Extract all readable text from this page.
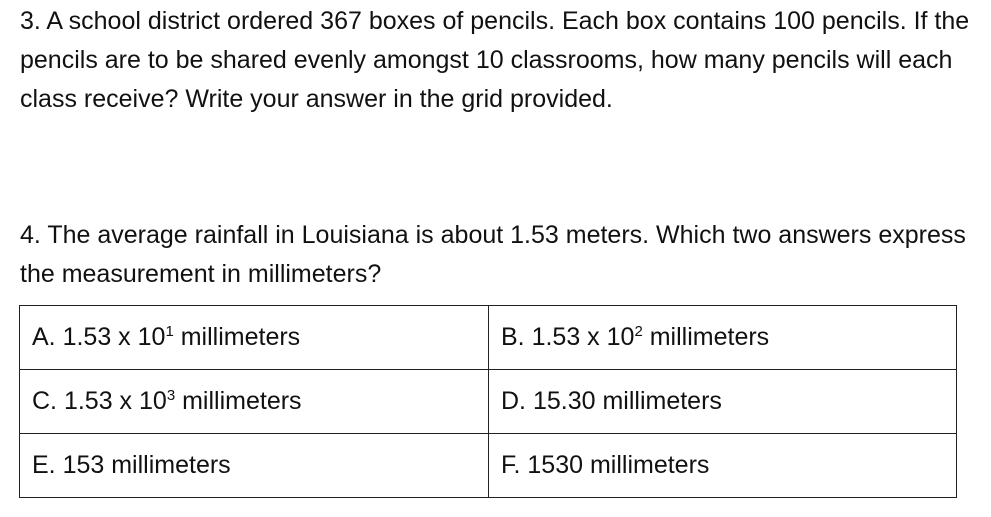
3. A school district ordered 367 boxes of pencils. Each box contains 100 pencils. If the pencils are to be shared evenly amongst 10 classrooms, how many pencils will each class receive? Write your answer in the grid provided.

4. The average rainfall in Louisiana is about 1.53 meters. Which two answers express the measurement in millimeters?

A. 1.53 x $10^1$ millimeters	B. 1.53 x $10^2$ millimeters
C. 1.53 x $10^3$ millimeters	D. 15.30 millimeters
E. 153 millimeters	F. 1530 millimeters
